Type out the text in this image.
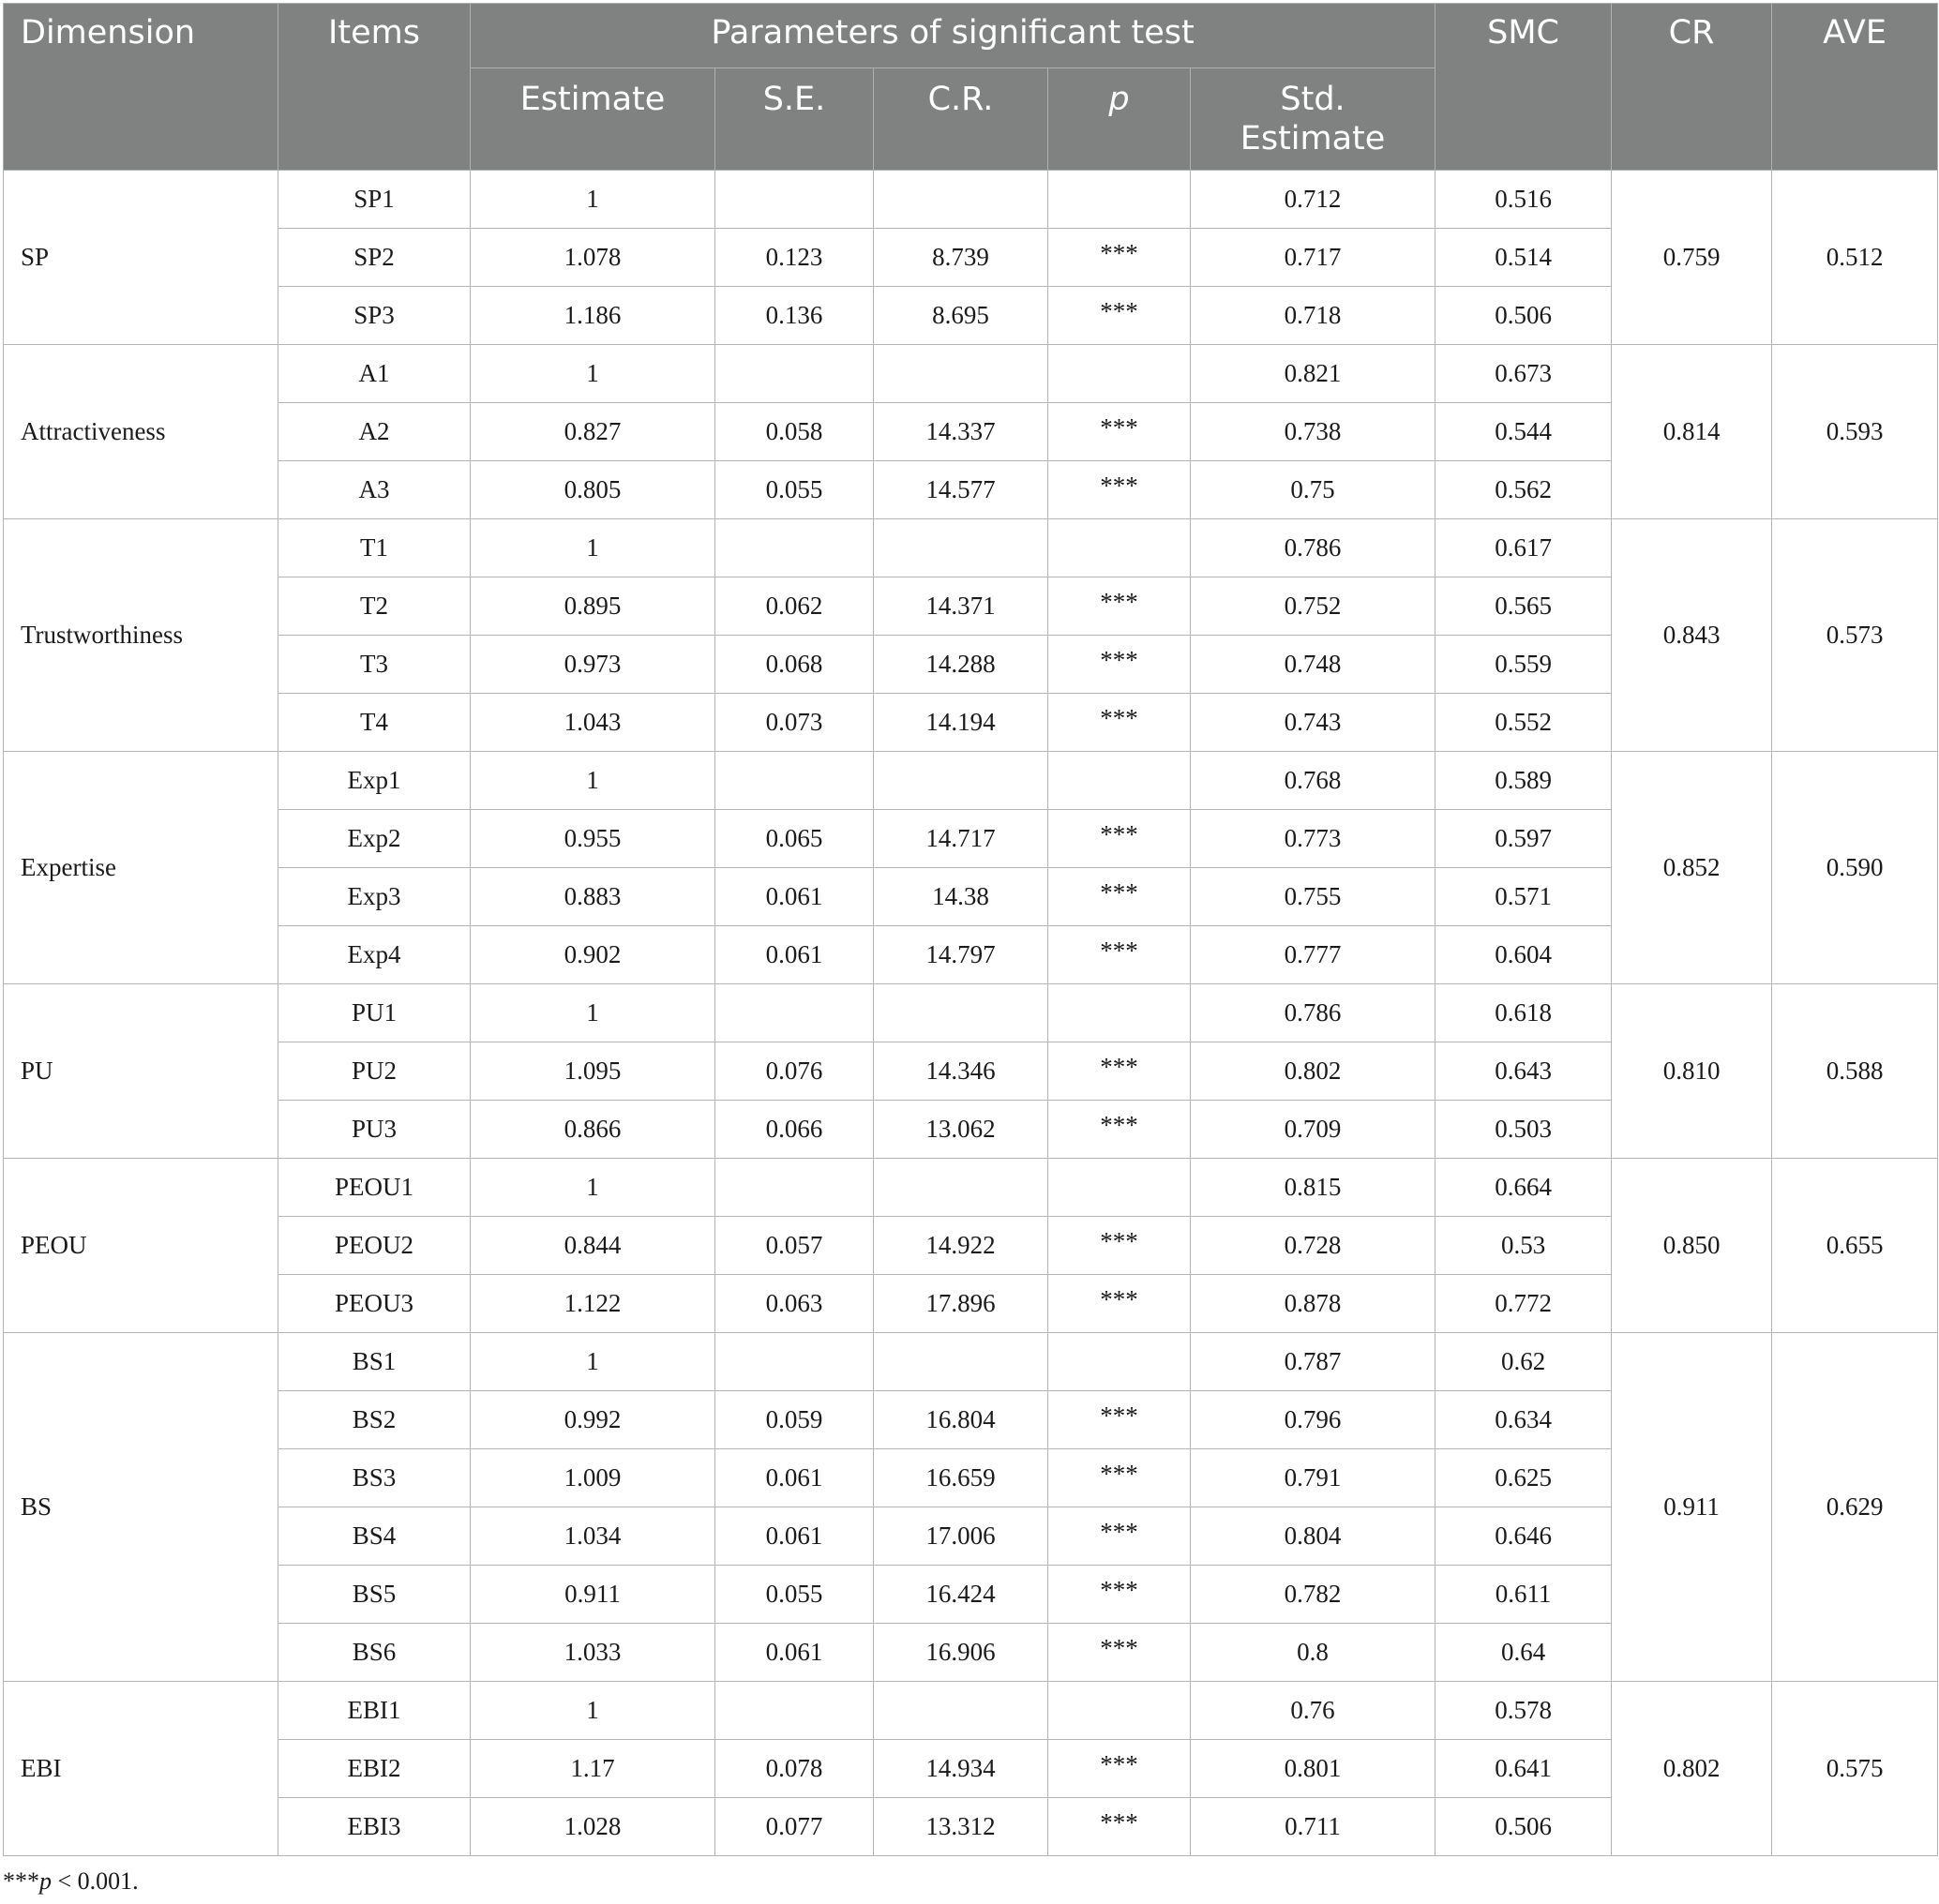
Dimension	Items	Parameters of significant test					SMC	CR	AVE
		Estimate	S.E.	C.R.	p	Std.
Estimate			
SP	SP1	1				0.712	0.516	0.759	0.512
	SP2	1.078	0.123	8.739	***	0.717	0.514		
	SP3	1.186	0.136	8.695	***	0.718	0.506		
Attractiveness	A1	1				0.821	0.673	0.814	0.593
	A2	0.827	0.058	14.337	***	0.738	0.544		
	A3	0.805	0.055	14.577	***	0.75	0.562		
Trustworthiness	T1	1				0.786	0.617	0.843	0.573
	T2	0.895	0.062	14.371	***	0.752	0.565		
	T3	0.973	0.068	14.288	***	0.748	0.559		
	T4	1.043	0.073	14.194	***	0.743	0.552		
Expertise	Exp1	1				0.768	0.589	0.852	0.590
	Exp2	0.955	0.065	14.717	***	0.773	0.597		
	Exp3	0.883	0.061	14.38	***	0.755	0.571		
	Exp4	0.902	0.061	14.797	***	0.777	0.604		
PU	PU1	1				0.786	0.618	0.810	0.588
	PU2	1.095	0.076	14.346	***	0.802	0.643		
	PU3	0.866	0.066	13.062	***	0.709	0.503		
PEOU	PEOU1	1				0.815	0.664	0.850	0.655
	PEOU2	0.844	0.057	14.922	***	0.728	0.53		
	PEOU3	1.122	0.063	17.896	***	0.878	0.772		
BS	BS1	1				0.787	0.62	0.911	0.629
	BS2	0.992	0.059	16.804	***	0.796	0.634		
	BS3	1.009	0.061	16.659	***	0.791	0.625		
	BS4	1.034	0.061	17.006	***	0.804	0.646		
	BS5	0.911	0.055	16.424	***	0.782	0.611		
	BS6	1.033	0.061	16.906	***	0.8	0.64		
EBI	EBI1	1				0.76	0.578	0.802	0.575
	EBI2	1.17	0.078	14.934	***	0.801	0.641		
	EBI3	1.028	0.077	13.312	***	0.711	0.506		
***p < 0.001.
